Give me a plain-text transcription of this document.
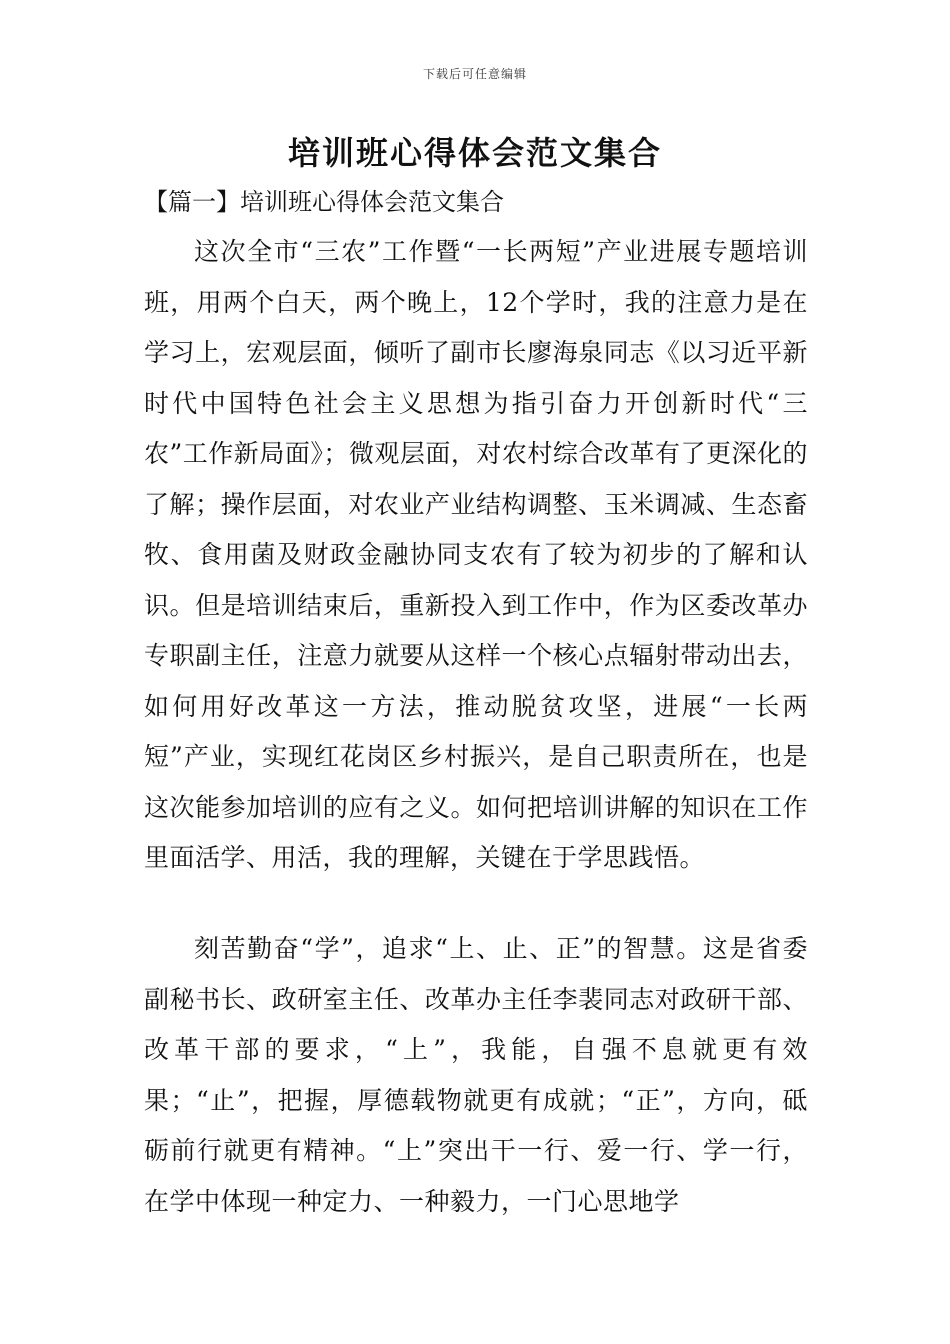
下载后可任意编辑
培训班心得体会范文集合
【篇一】培训班心得体会范文集合

这次全市“三农”工作暨“一长两短”产业进展专题培训班，用两个白天，两个晚上，12个学时，我的注意力是在学习上，宏观层面，倾听了副市长廖海泉同志《以习近平新时代中国特色社会主义思想为指引奋力开创新时代“三农”工作新局面》；微观层面，对农村综合改革有了更深化的了解；操作层面，对农业产业结构调整、玉米调减、生态畜牧、食用菌及财政金融协同支农有了较为初步的了解和认识。但是培训结束后，重新投入到工作中，作为区委改革办专职副主任，注意力就要从这样一个核心点辐射带动出去，如何用好改革这一方法，推动脱贫攻坚，进展“一长两短”产业，实现红花岗区乡村振兴，是自己职责所在，也是这次能参加培训的应有之义。如何把培训讲解的知识在工作里面活学、用活，我的理解，关键在于学思践悟。

刻苦勤奋“学”，追求“上、止、正”的智慧。这是省委副秘书长、政研室主任、改革办主任李裴同志对政研干部、改革干部的要求，“上”，我能，自强不息就更有效果；“止”，把握，厚德载物就更有成就；“正”，方向，砥砺前行就更有精神。“上”突出干一行、爱一行、学一行，在学中体现一种定力、一种毅力，一门心思地学
